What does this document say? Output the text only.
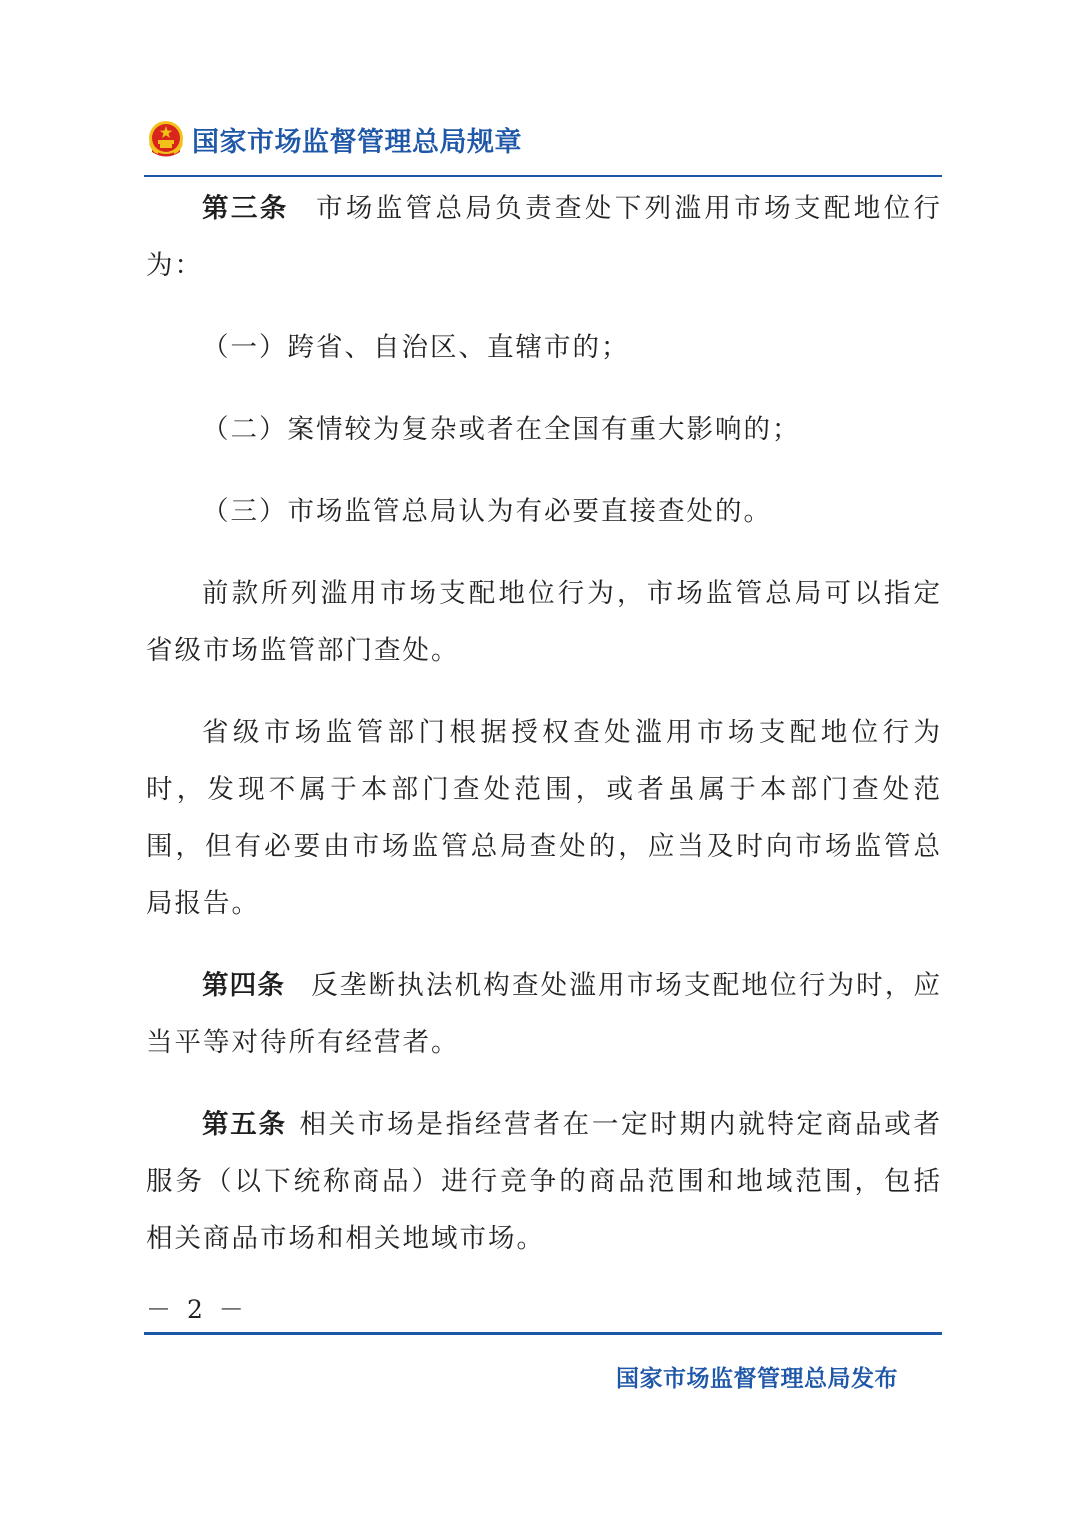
国家市场监督管理总局规章

第三条 市场监管总局负责查处下列滥用市场支配地位行为：

（一）跨省、自治区、直辖市的；

（二）案情较为复杂或者在全国有重大影响的；

（三）市场监管总局认为有必要直接查处的。

前款所列滥用市场支配地位行为，市场监管总局可以指定省级市场监管部门查处。

省级市场监管部门根据授权查处滥用市场支配地位行为时，发现不属于本部门查处范围，或者虽属于本部门查处范围，但有必要由市场监管总局查处的，应当及时向市场监管总局报告。

第四条 反垄断执法机构查处滥用市场支配地位行为时，应当平等对待所有经营者。

第五条 相关市场是指经营者在一定时期内就特定商品或者服务（以下统称商品）进行竞争的商品范围和地域范围，包括相关商品市场和相关地域市场。

－ 2 －
国家市场监督管理总局发布
